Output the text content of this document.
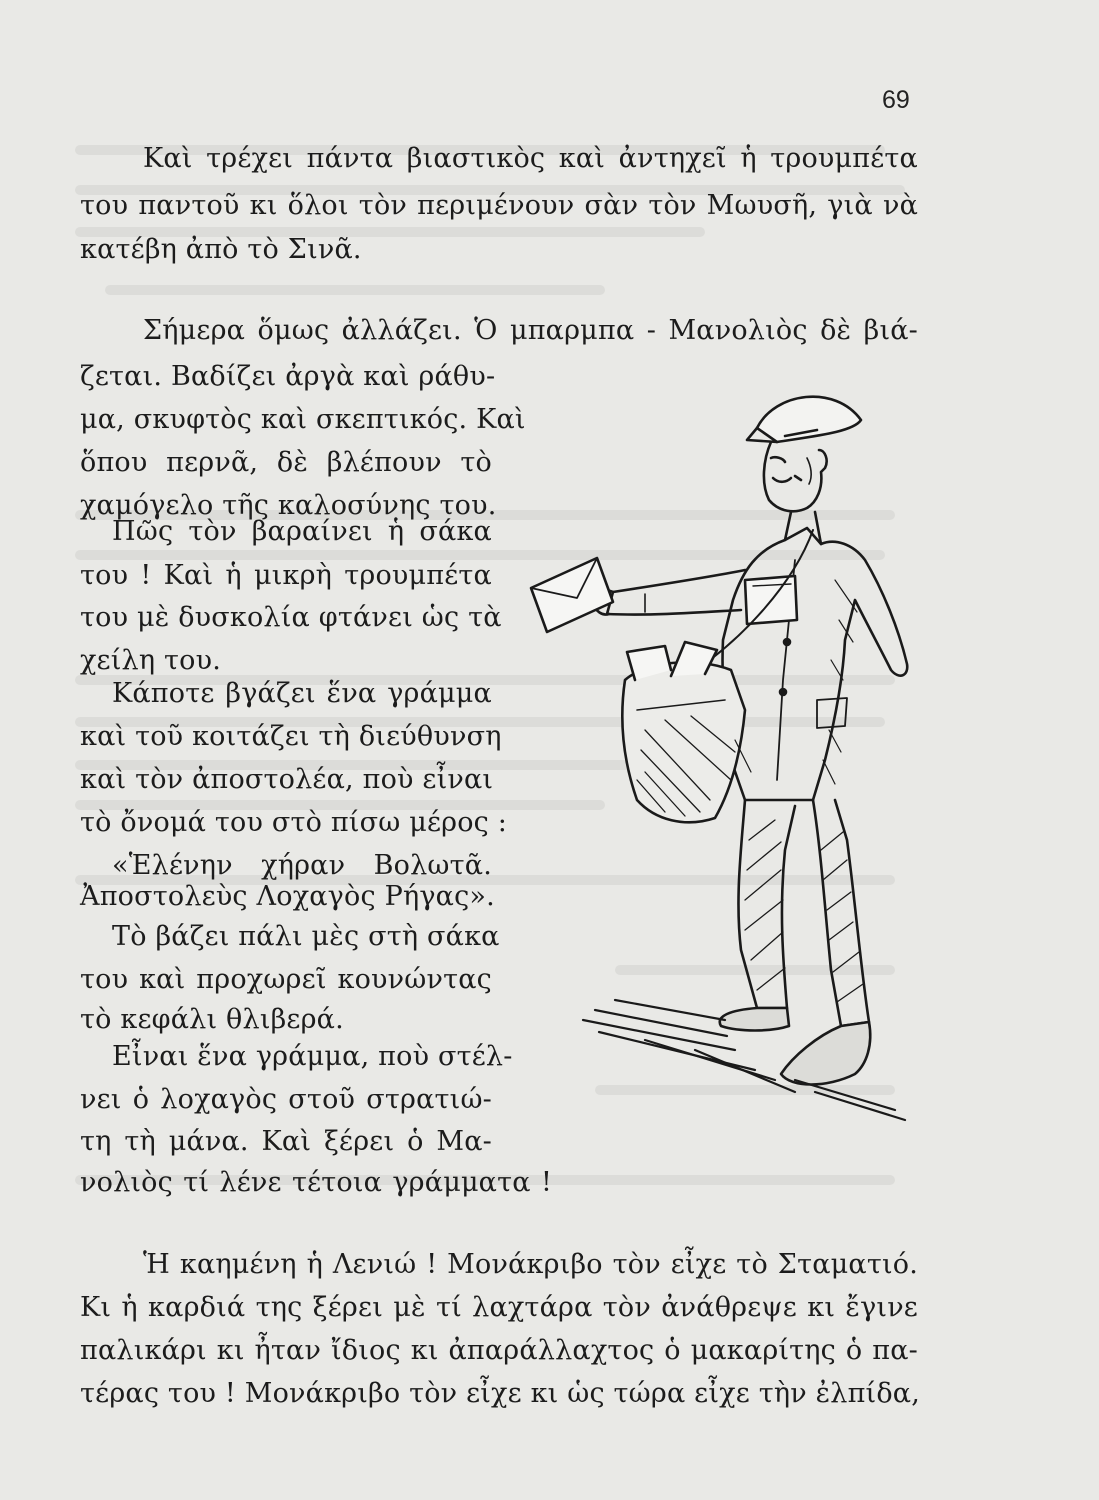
69
Καὶ τρέχει πάντα βιαστικὸς καὶ ἀντηχεῖ ἡ τρουμπέτα
του παντοῦ κι ὅλοι τὸν περιμένουν σὰν τὸν Μωυσῆ, γιὰ νὰ
κατέβη ἀπὸ τὸ Σινᾶ.
Σήμερα ὅμως ἀλλάζει. Ὁ μπαρμπα - Μανολιὸς δὲ βιά-
ζεται. Βαδίζει ἀργὰ καὶ ράθυ-
μα, σκυφτὸς καὶ σκεπτικός. Καὶ
ὅπου περνᾶ, δὲ βλέπουν τὸ
χαμόγελο τῆς καλοσύνης του.
Πῶς τὸν βαραίνει ἡ σάκα
του ! Καὶ ἡ μικρὴ τρουμπέτα
του μὲ δυσκολία φτάνει ὡς τὰ
χείλη του.
Κάποτε βγάζει ἕνα γράμμα
καὶ τοῦ κοιτάζει τὴ διεύθυνση
καὶ τὸν ἀποστολέα, ποὺ εἶναι
τὸ ὄνομά του στὸ πίσω μέρος :
«Ἑλένην χήραν Βολωτᾶ.
Ἀποστολεὺς Λοχαγὸς Ρήγας».
Τὸ βάζει πάλι μὲς στὴ σάκα
του καὶ προχωρεῖ κουνώντας
τὸ κεφάλι θλιβερά.
Εἶναι ἕνα γράμμα, ποὺ στέλ-
νει ὁ λοχαγὸς στοῦ στρατιώ-
τη τὴ μάνα. Καὶ ξέρει ὁ Μα-
νολιὸς τί λένε τέτοια γράμματα !
Ἡ καημένη ἡ Λενιώ ! Μονάκριβο τὸν εἶχε τὸ Σταματιό.
Κι ἡ καρδιά της ξέρει μὲ τί λαχτάρα τὸν ἀνάθρεψε κι ἔγινε
παλικάρι κι ἦταν ἴδιος κι ἀπαράλλαχτος ὁ μακαρίτης ὁ πα-
τέρας του ! Μονάκριβο τὸν εἶχε κι ὡς τώρα εἶχε τὴν ἐλπίδα,
